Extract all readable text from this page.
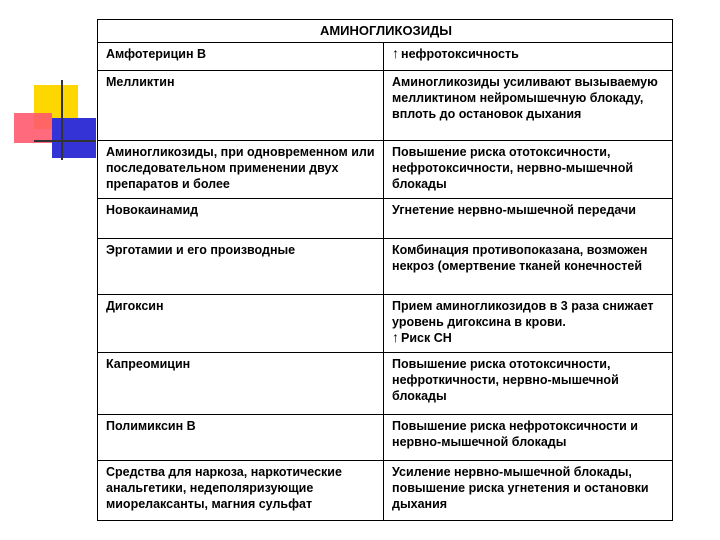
АМИНОГЛИКОЗИДЫ	
Амфотерицин В	↑ нефротоксичность
Мелликтин	Аминогликозиды усиливают вызываемую мелликтином нейромышечную блокаду, вплоть до остановок дыхания
Аминогликозиды, при одновременном или последовательном применении двух препаратов и более	Повышение риска ототоксичности, нефротоксичности, нервно-мышечной блокады
Новокаинамид	Угнетение нервно-мышечной передачи
Эрготамии и его производные	Комбинация противопоказана, возможен некроз (омертвение тканей конечностей
Дигоксин	Прием аминогликозидов в 3 раза снижает уровень дигоксина в крови.
↑ Риск СН
Капреомицин	Повышение риска ототоксичности, нефроткичности, нервно-мышечной блокады
Полимиксин В	Повышение риска нефротоксичности и нервно-мышечной блокады
Средства для наркоза, наркотические анальгетики, недеполяризующие миорелаксанты, магния сульфат	Усиление нервно-мышечной блокады, повышение риска угнетения и остановки дыхания
